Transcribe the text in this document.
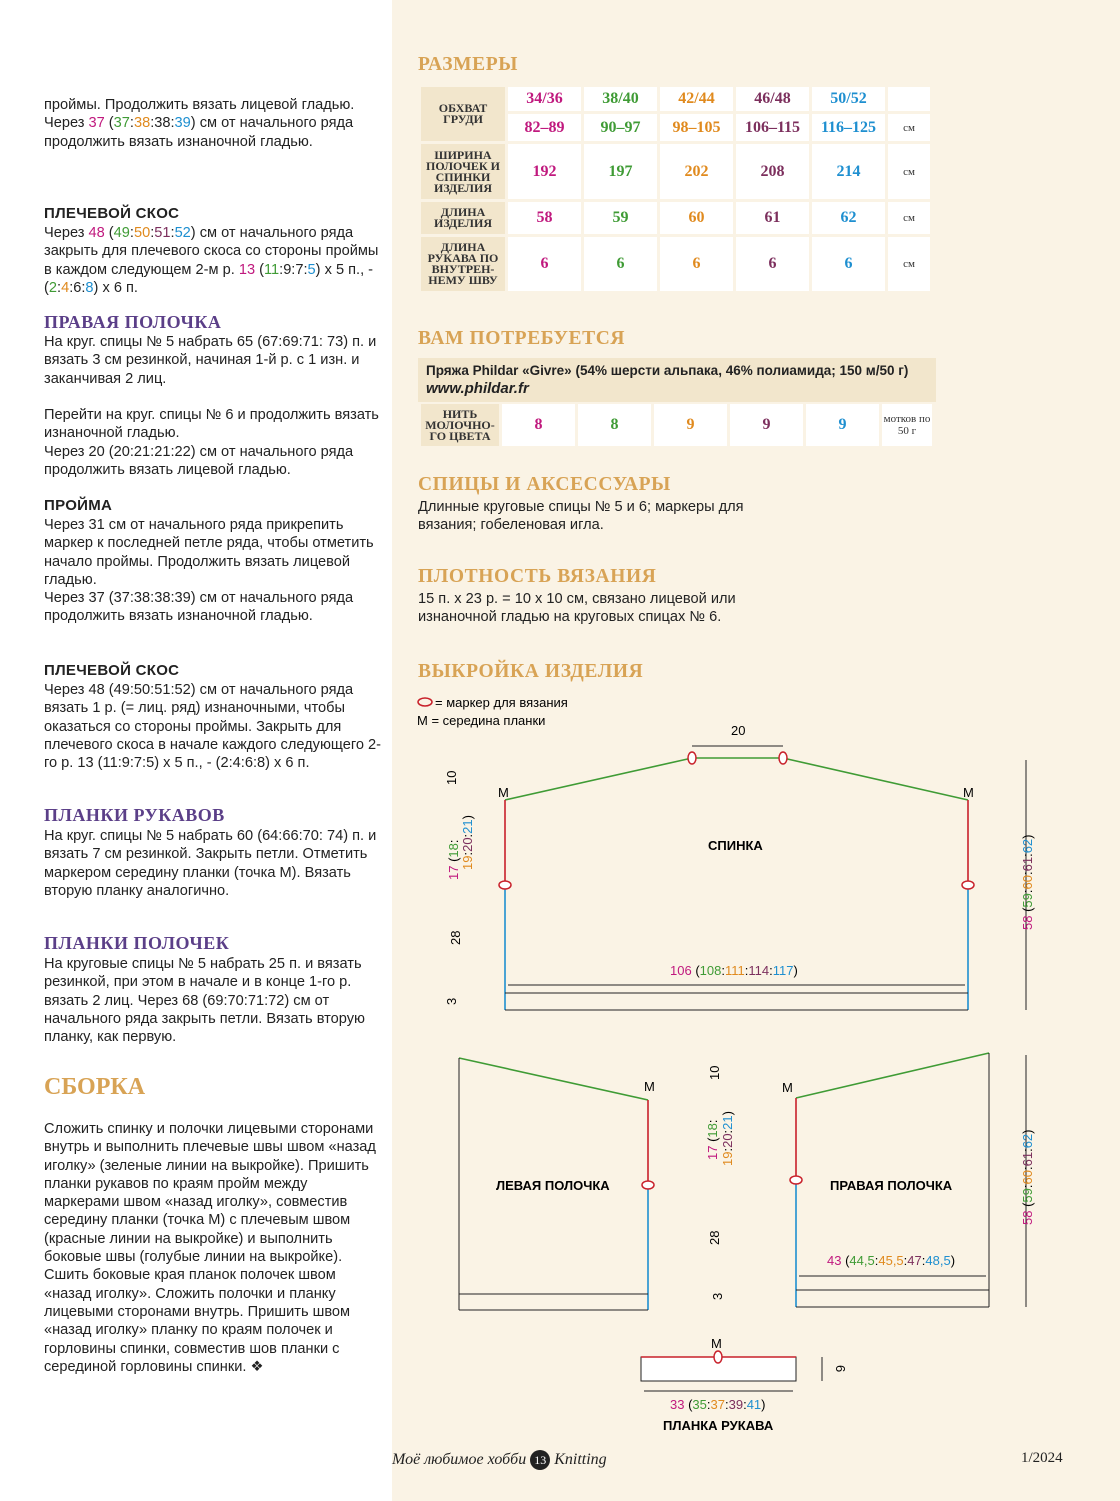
проймы. Продолжить вязать лицевой гладью.
Через 37 (37:38:38:39) см от начального ряда продолжить вязать изнаночной гладью.
ПЛЕЧЕВОЙ СКОС
Через 48 (49:50:51:52) см от начального ряда закрыть для плечевого скоса со стороны проймы в каждом следующем 2-м р. 13 (11:9:7:5) х 5 п., - (2:4:6:8) х 6 п.
ПРАВАЯ ПОЛОЧКА
На круг. спицы № 5 набрать 65 (67:69:71: 73) п. и вязать 3 см резинкой, начиная 1-й р. с 1 изн. и заканчивая 2 лиц.
Перейти на круг. спицы № 6 и продолжить вязать изнаночной гладью.
Через 20 (20:21:21:22) см от начального ряда продолжить вязать лицевой гладью.
ПРОЙМА
Через 31 см от начального ряда прикрепить маркер к последней петле ряда, чтобы отметить начало проймы. Продолжить вязать лицевой гладью.
Через 37 (37:38:38:39) см от начального ряда продолжить вязать изнаночной гладью.
ПЛЕЧЕВОЙ СКОС
Через 48 (49:50:51:52) см от начального ряда вязать 1 р. (= лиц. ряд) изнаночными, чтобы оказаться со стороны проймы. Закрыть для плечевого скоса в начале каждого следующего 2-го р. 13 (11:9:7:5) х 5 п., - (2:4:6:8) х 6 п.
ПЛАНКИ РУКАВОВ
На круг. спицы № 5 набрать 60 (64:66:70: 74) п. и вязать 7 см резинкой. Закрыть петли. Отметить маркером середину планки (точка М). Вязать вторую планку аналогично.
ПЛАНКИ ПОЛОЧЕК
На круговые спицы № 5 набрать 25 п. и вязать резинкой, при этом в начале и в конце 1-го р. вязать 2 лиц. Через 68 (69:70:71:72) см от начального ряда закрыть петли. Вязать вторую планку, как первую.
СБОРКА
Сложить спинку и полочки лицевыми сторонами внутрь и выполнить плечевые швы швом «назад иголку» (зеленые линии на выкройке). Пришить планки рукавов по краям пройм между маркерами швом «назад иголку», совместив середину планки (точка М) с плечевым швом (красные линии на выкройке) и выполнить боковые швы (голубые линии на выкройке). Сшить боковые края планок полочек швом «назад иголку». Сложить полочки и планку лицевыми сторонами внутрь. Пришить швом «назад иголку» планку по краям полочек и горловины спинки, совместив шов планки с серединой горловины спинки. ❖
РАЗМЕРЫ
ОБХВАТ ГРУДИ	34/36	38/40	42/44	46/48	50/52	
	82–89	90–97	98–105	106–115	116–125	см
ШИРИНА ПОЛОЧЕК И СПИНКИ ИЗДЕЛИЯ	192	197	202	208	214	см
ДЛИНА ИЗДЕЛИЯ	58	59	60	61	62	см
ДЛИНА РУКАВА ПО ВНУТРЕН-НЕМУ ШВУ	6	6	6	6	6	см
ВАМ ПОТРЕБУЕТСЯ
Пряжа Phildar «Givre» (54% шерсти альпака, 46% полиамида; 150 м/50 г)
www.phildar.fr
НИТЬ МОЛОЧНО-ГО ЦВЕТА	8	8	9	9	9	мотков по 50 г
СПИЦЫ И АКСЕССУАРЫ
Длинные круговые спицы № 5 и 6; маркеры для вязания; гобеленовая игла.
ПЛОТНОСТЬ ВЯЗАНИЯ
15 п. х 23 р. = 10 х 10 см, связано лицевой или изнаночной гладью на круговых спицах № 6.
ВЫКРОЙКА ИЗДЕЛИЯ
= маркер для вязания
М = середина планки
М	М
СПИНКА
20
106 (108:111:114:117)
10
28
3
17 (18:
19:20:21)
58 (59:60:61:62)
М
ЛЕВАЯ ПОЛОЧКА
М
ПРАВАЯ ПОЛОЧКА
43 (44,5:45,5:47:48,5)
10
28
3
17 (18:
19:20:21)
58 (59:60:61:62)
М
33 (35:37:39:41)
ПЛАНКА РУКАВА
6
Моё любимое хобби 13 Knitting	1/2024
